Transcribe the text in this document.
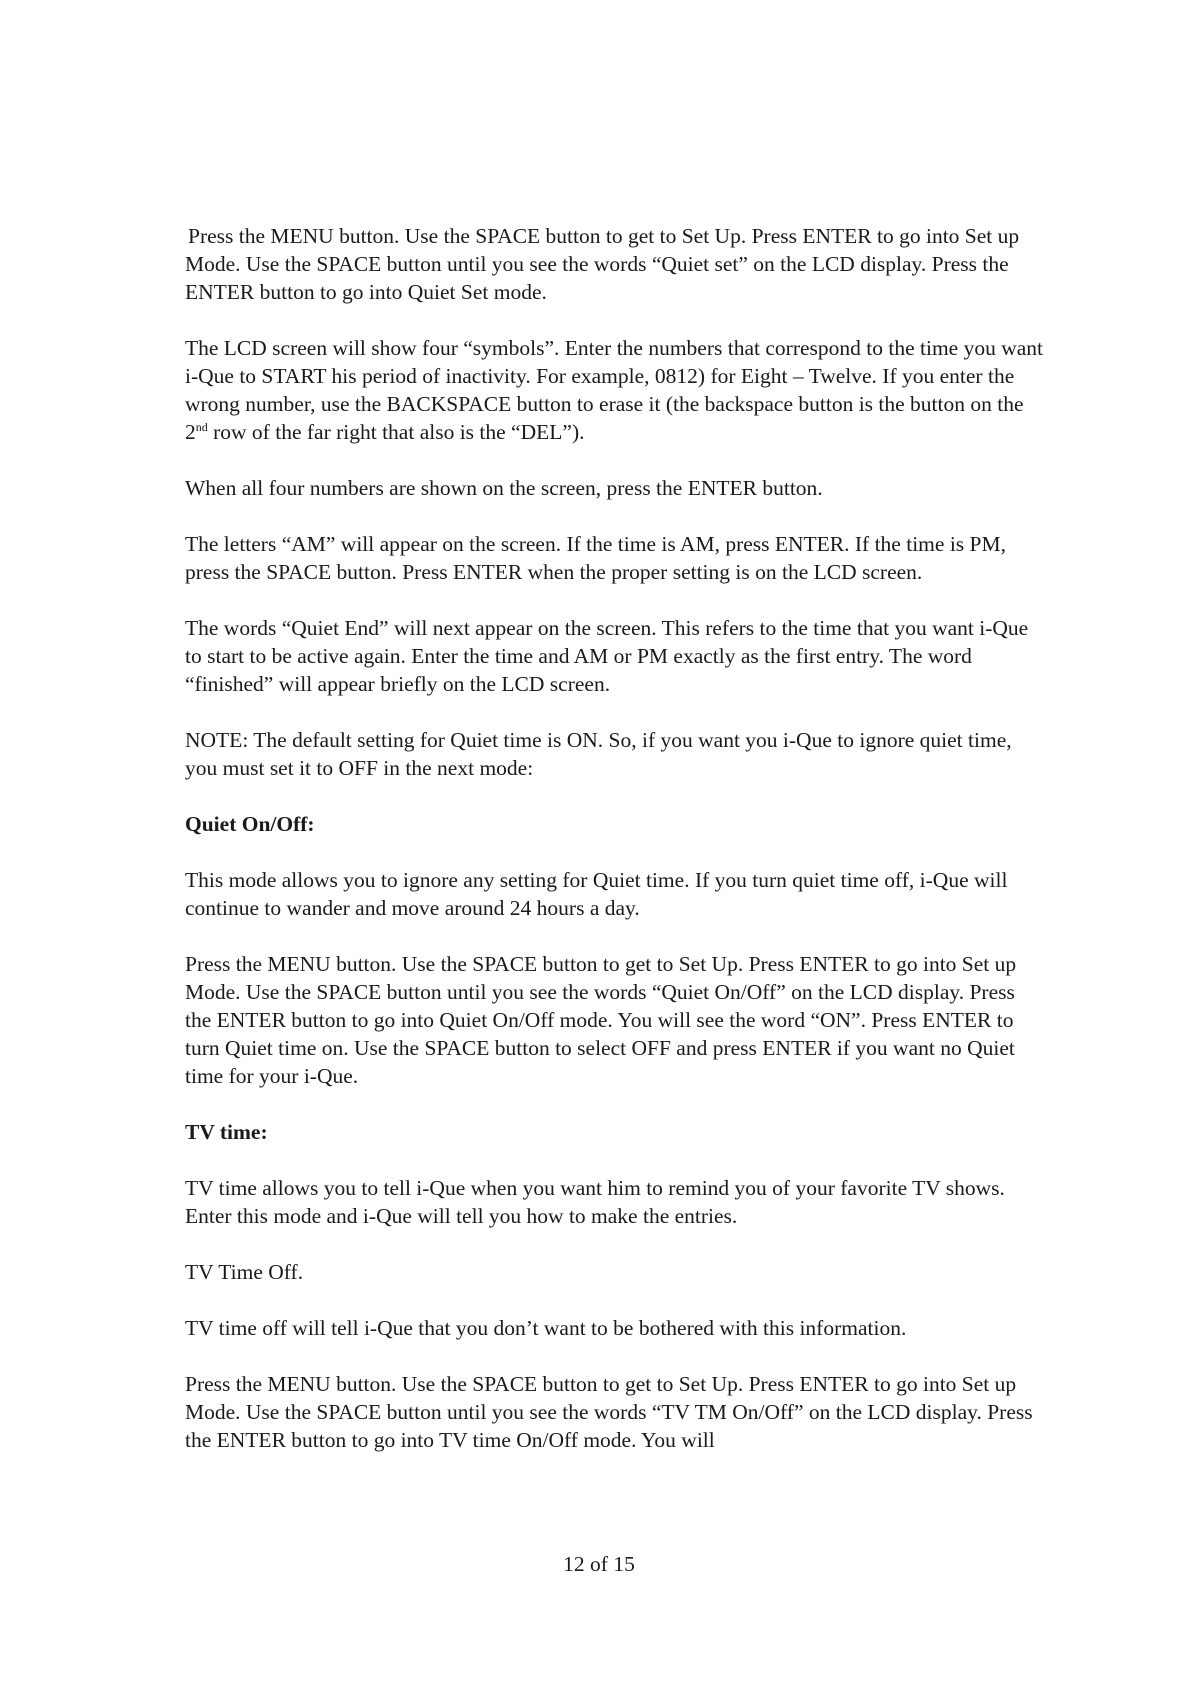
Press the MENU button. Use the SPACE button to get to Set Up. Press ENTER to go into Set up Mode. Use the SPACE button until you see the words “Quiet set” on the LCD display. Press the ENTER button to go into Quiet Set mode.

The LCD screen will show four “symbols”. Enter the numbers that correspond to the time you want i-Que to START his period of inactivity. For example, 0812) for Eight – Twelve. If you enter the wrong number, use the BACKSPACE button to erase it (the backspace button is the button on the 2nd row of the far right that also is the “DEL”).

When all four numbers are shown on the screen, press the ENTER button.

The letters “AM” will appear on the screen. If the time is AM, press ENTER. If the time is PM, press the SPACE button. Press ENTER when the proper setting is on the LCD screen.

The words “Quiet End” will next appear on the screen. This refers to the time that you want i-Que to start to be active again. Enter the time and AM or PM exactly as the first entry. The word “finished” will appear briefly on the LCD screen.

NOTE: The default setting for Quiet time is ON. So, if you want you i-Que to ignore quiet time, you must set it to OFF in the next mode:

Quiet On/Off:

This mode allows you to ignore any setting for Quiet time. If you turn quiet time off, i-Que will continue to wander and move around 24 hours a day.

Press the MENU button. Use the SPACE button to get to Set Up. Press ENTER to go into Set up Mode. Use the SPACE button until you see the words “Quiet On/Off” on the LCD display. Press the ENTER button to go into Quiet On/Off mode. You will see the word “ON”. Press ENTER to turn Quiet time on. Use the SPACE button to select OFF and press ENTER if you want no Quiet time for your i-Que.

TV time:

TV time allows you to tell i-Que when you want him to remind you of your favorite TV shows. Enter this mode and i-Que will tell you how to make the entries.

TV Time Off.

TV time off will tell i-Que that you don’t want to be bothered with this information.

Press the MENU button. Use the SPACE button to get to Set Up. Press ENTER to go into Set up Mode. Use the SPACE button until you see the words “TV TM On/Off” on the LCD display. Press the ENTER button to go into TV time On/Off mode. You will

12 of 15
